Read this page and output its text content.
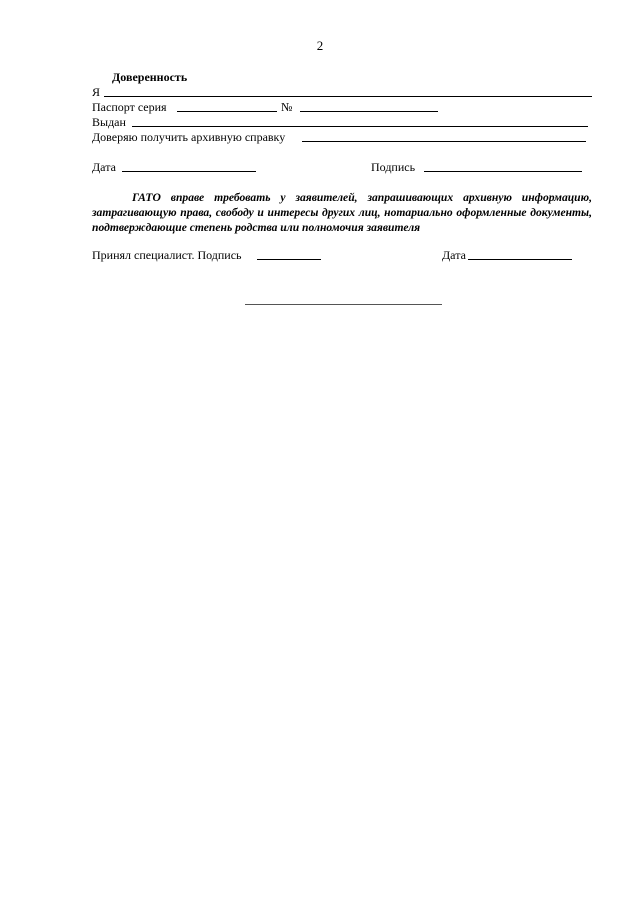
2
Доверенность
Я
Паспорт серия	№
Выдан
Доверяю получить архивную справку
Дата	Подпись
ГАТО вправе требовать у заявителей, запрашивающих архивную информацию, затрагивающую права, свободу и интересы других лиц, нотариально оформленные документы, подтверждающие степень родства или полномочия заявителя
Принял специалист. Подпись	Дата
